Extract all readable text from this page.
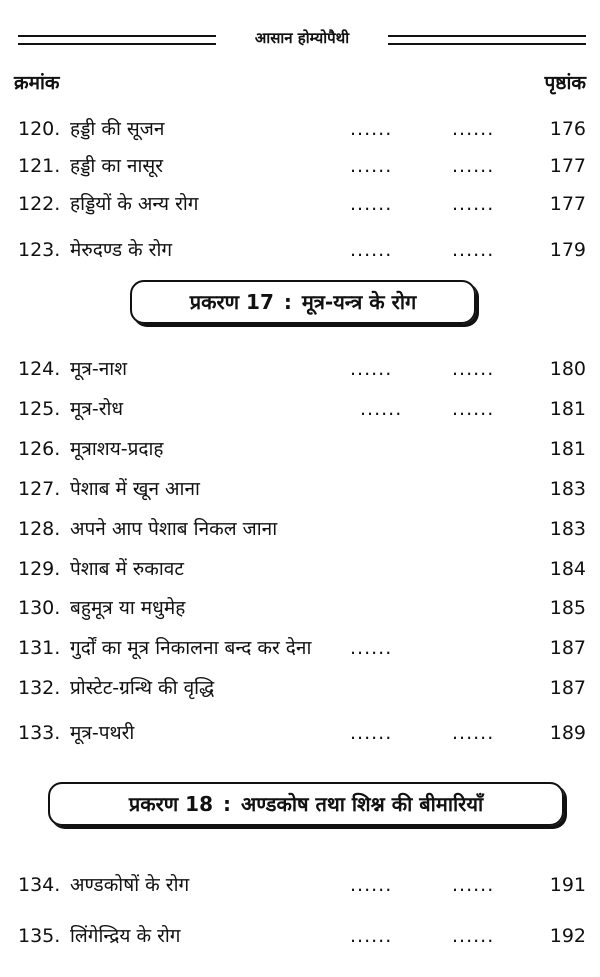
आसान होम्योपैथी
क्रमांक	पृष्ठांक
120. हड्डी की सूजन	......	......	176
121. हड्डी का नासूर	......	......	177
122. हड्डियों के अन्य रोग	......	......	177
123. मेरुदण्ड के रोग	......	......	179
प्रकरण 17 : मूत्र-यन्त्र के रोग
124. मूत्र-नाश	......	......	180
125. मूत्र-रोध	......	......	181
126. मूत्राशय-प्रदाह	181
127. पेशाब में खून आना	183
128. अपने आप पेशाब निकल जाना	183
129. पेशाब में रुकावट	184
130. बहुमूत्र या मधुमेह	185
131. गुर्दों का मूत्र निकालना बन्द कर देना ......	187
132. प्रोस्टेट-ग्रन्थि की वृद्धि	187
133. मूत्र-पथरी	......	......	189
प्रकरण 18 : अण्डकोष तथा शिश्न की बीमारियाँ
134. अण्डकोषों के रोग	......	......	191
135. लिंगेन्द्रिय के रोग	......	......	192
